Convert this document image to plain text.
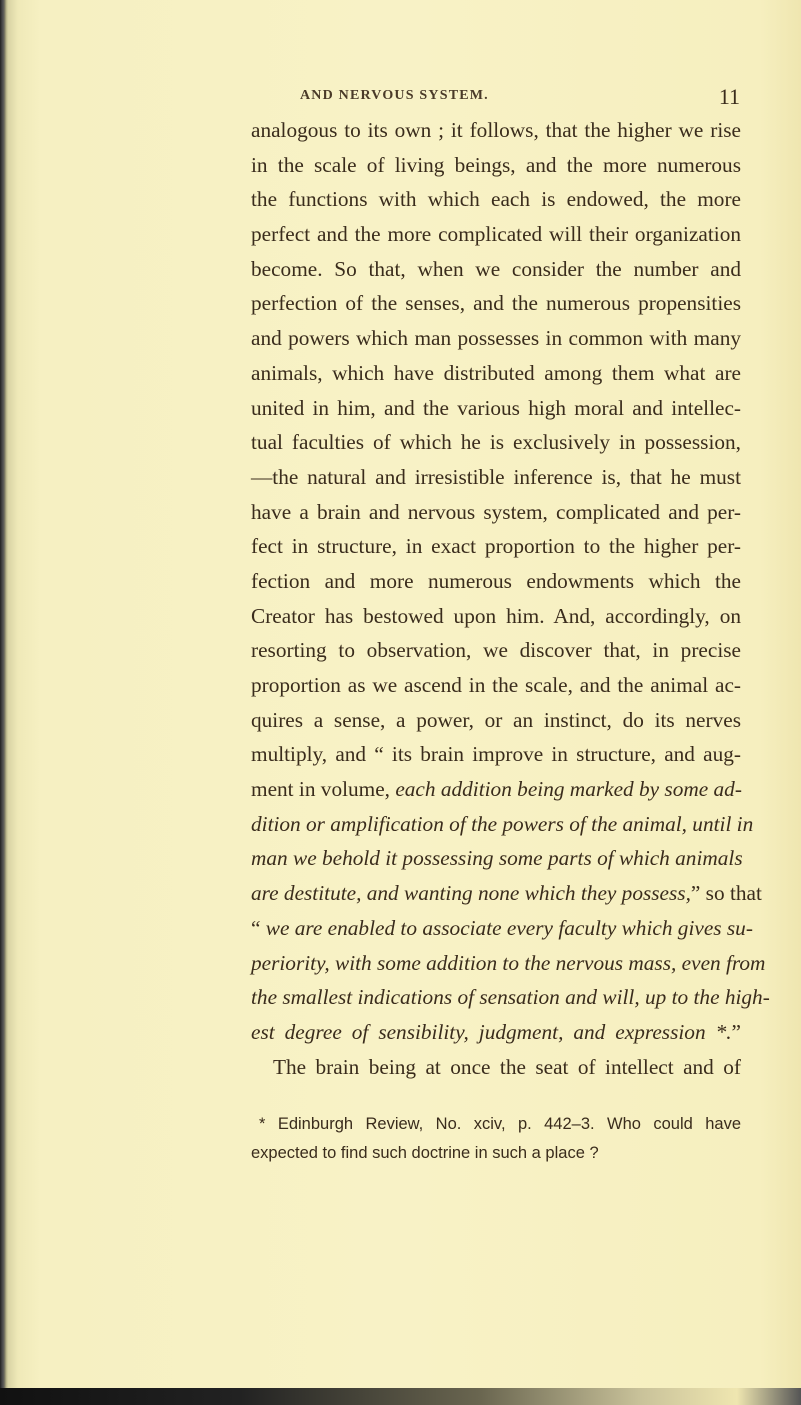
AND NERVOUS SYSTEM.	11
analogous to its own ; it follows, that the higher we rise
in the scale of living beings, and the more numerous
the functions with which each is endowed, the more
perfect and the more complicated will their organization
become. So that, when we consider the number and
perfection of the senses, and the numerous propensities
and powers which man possesses in common with many
animals, which have distributed among them what are
united in him, and the various high moral and intellec-
tual faculties of which he is exclusively in possession,
—the natural and irresistible inference is, that he must
have a brain and nervous system, complicated and per-
fect in structure, in exact proportion to the higher per-
fection and more numerous endowments which the
Creator has bestowed upon him. And, accordingly, on
resorting to observation, we discover that, in precise
proportion as we ascend in the scale, and the animal ac-
quires a sense, a power, or an instinct, do its nerves
multiply, and “ its brain improve in structure, and aug-
ment in volume, each addition being marked by some ad-
dition or amplification of the powers of the animal, until in
man we behold it possessing some parts of which animals
are destitute, and wanting none which they possess,” so that
“ we are enabled to associate every faculty which gives su-
periority, with some addition to the nervous mass, even from
the smallest indications of sensation and will, up to the high-
est degree of sensibility, judgment, and expression *.”
The brain being at once the seat of intellect and of
* Edinburgh Review, No. xciv, p. 442–3. Who could have
expected to find such doctrine in such a place ?
